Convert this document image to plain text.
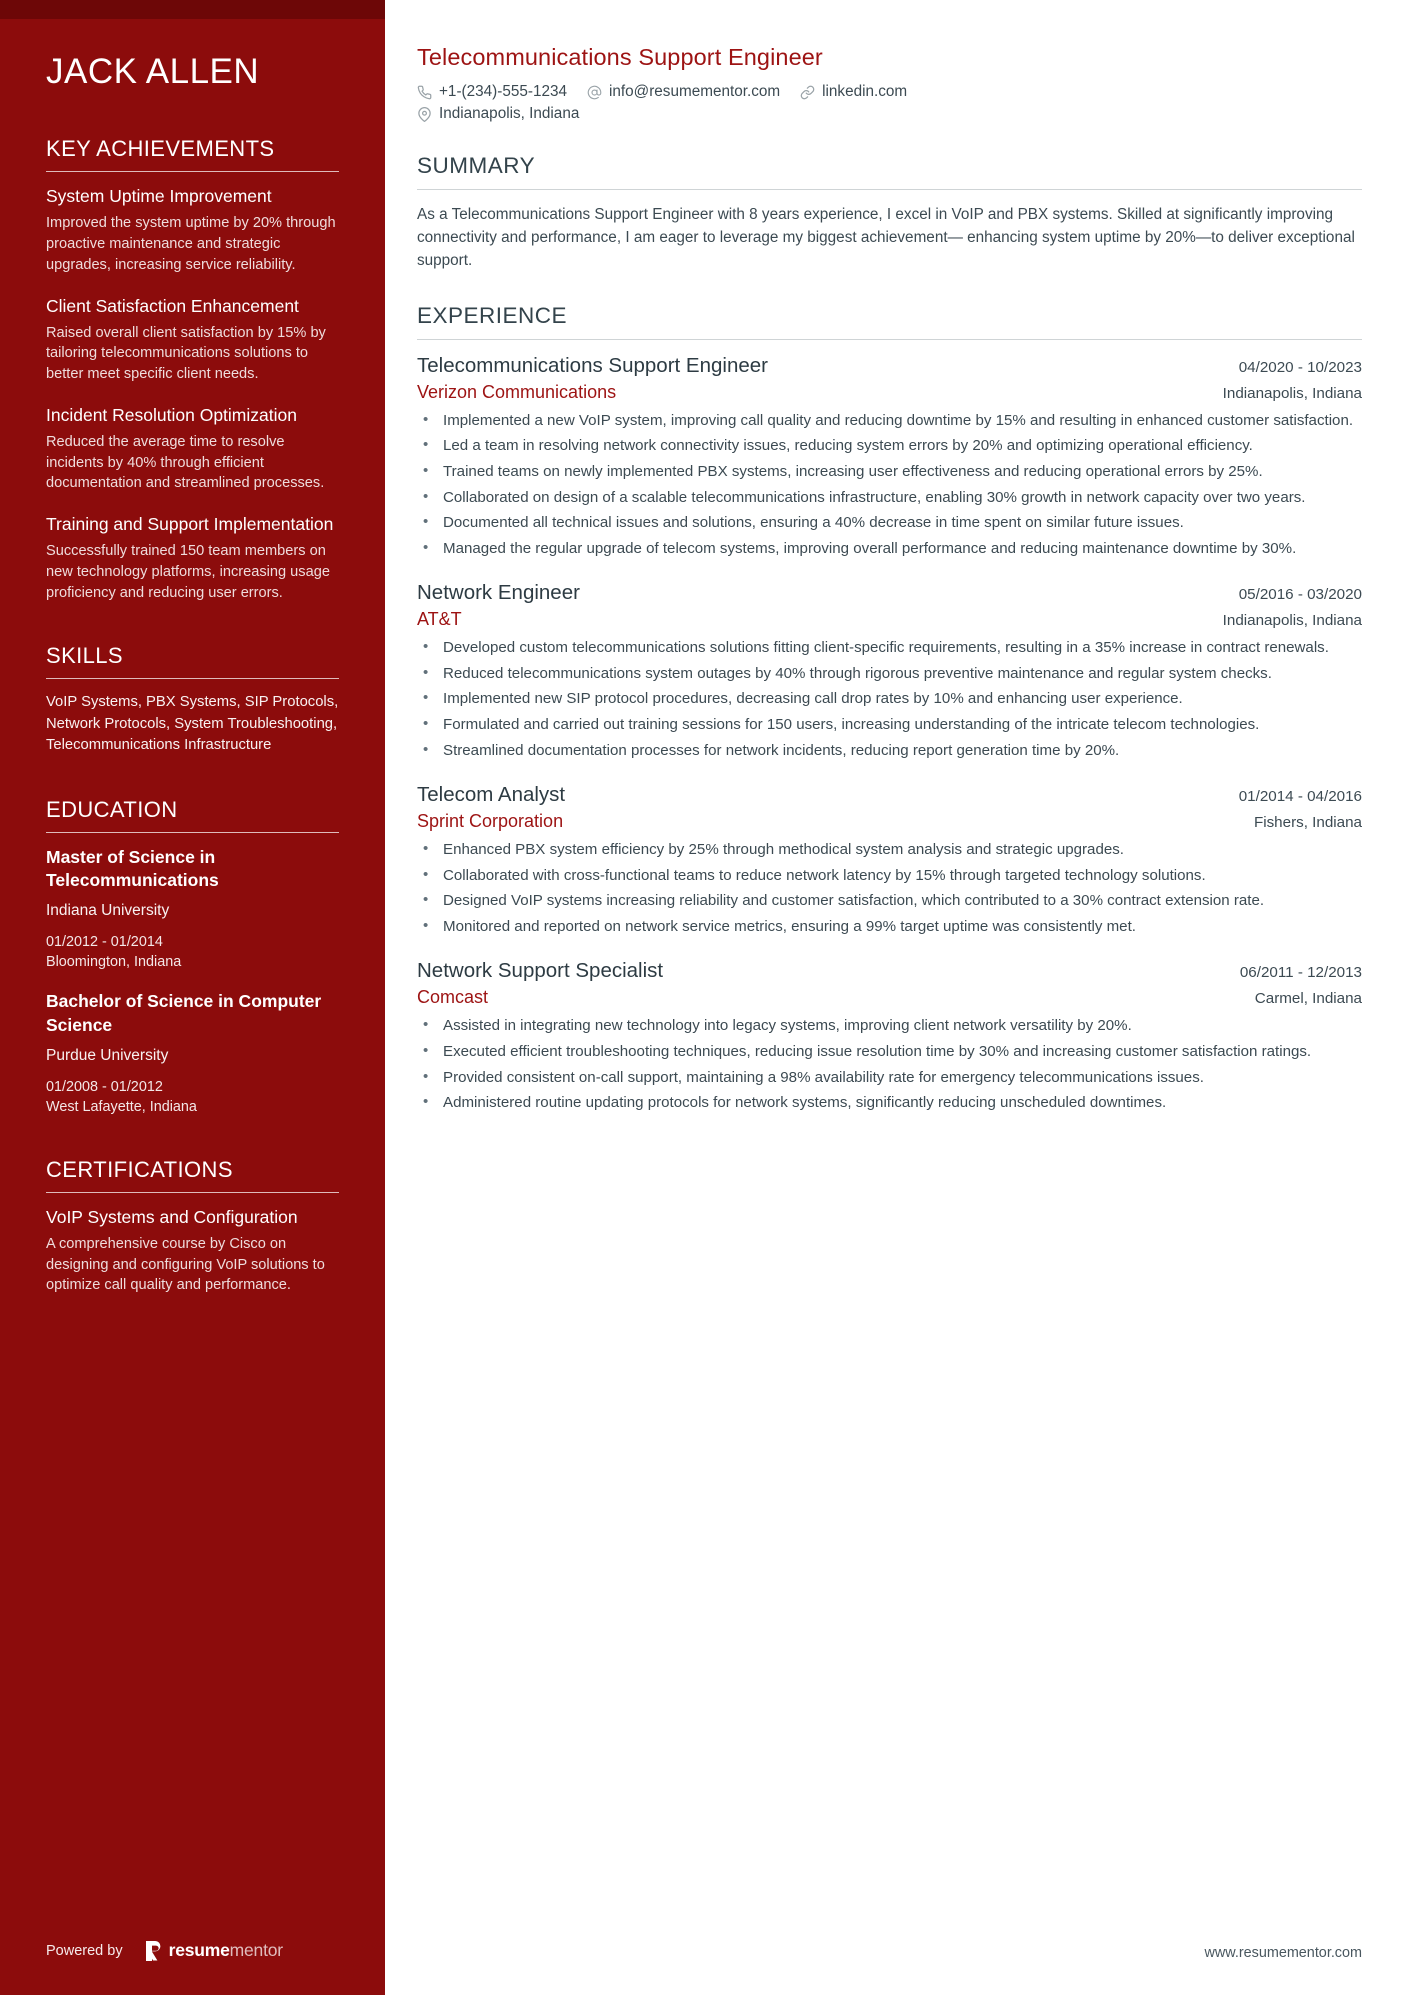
JACK ALLEN
KEY ACHIEVEMENTS
System Uptime Improvement
Improved the system uptime by 20% through proactive maintenance and strategic upgrades, increasing service reliability.
Client Satisfaction Enhancement
Raised overall client satisfaction by 15% by tailoring telecommunications solutions to better meet specific client needs.
Incident Resolution Optimization
Reduced the average time to resolve incidents by 40% through efficient documentation and streamlined processes.
Training and Support Implementation
Successfully trained 150 team members on new technology platforms, increasing usage proficiency and reducing user errors.
SKILLS
VoIP Systems, PBX Systems, SIP Protocols, Network Protocols, System Troubleshooting, Telecommunications Infrastructure
EDUCATION
Master of Science in Telecommunications
Indiana University
01/2012 - 01/2014
Bloomington, Indiana
Bachelor of Science in Computer Science
Purdue University
01/2008 - 01/2012
West Lafayette, Indiana
CERTIFICATIONS
VoIP Systems and Configuration
A comprehensive course by Cisco on designing and configuring VoIP solutions to optimize call quality and performance.
Powered by	resumementor
Telecommunications Support Engineer
+1-(234)-555-1234	info@resumementor.com	linkedin.com
Indianapolis, Indiana
SUMMARY

As a Telecommunications Support Engineer with 8 years experience, I excel in VoIP and PBX systems. Skilled at significantly improving connectivity and performance, I am eager to leverage my biggest achievement— enhancing system uptime by 20%—to deliver exceptional support.

EXPERIENCE
Telecommunications Support Engineer	04/2020 - 10/2023
Verizon Communications	Indianapolis, Indiana
• Implemented a new VoIP system, improving call quality and reducing downtime by 15% and resulting in enhanced customer satisfaction.
• Led a team in resolving network connectivity issues, reducing system errors by 20% and optimizing operational efficiency.
• Trained teams on newly implemented PBX systems, increasing user effectiveness and reducing operational errors by 25%.
• Collaborated on design of a scalable telecommunications infrastructure, enabling 30% growth in network capacity over two years.
• Documented all technical issues and solutions, ensuring a 40% decrease in time spent on similar future issues.
• Managed the regular upgrade of telecom systems, improving overall performance and reducing maintenance downtime by 30%.
Network Engineer	05/2016 - 03/2020
AT&T	Indianapolis, Indiana
• Developed custom telecommunications solutions fitting client-specific requirements, resulting in a 35% increase in contract renewals.
• Reduced telecommunications system outages by 40% through rigorous preventive maintenance and regular system checks.
• Implemented new SIP protocol procedures, decreasing call drop rates by 10% and enhancing user experience.
• Formulated and carried out training sessions for 150 users, increasing understanding of the intricate telecom technologies.
• Streamlined documentation processes for network incidents, reducing report generation time by 20%.
Telecom Analyst	01/2014 - 04/2016
Sprint Corporation	Fishers, Indiana
• Enhanced PBX system efficiency by 25% through methodical system analysis and strategic upgrades.
• Collaborated with cross-functional teams to reduce network latency by 15% through targeted technology solutions.
• Designed VoIP systems increasing reliability and customer satisfaction, which contributed to a 30% contract extension rate.
• Monitored and reported on network service metrics, ensuring a 99% target uptime was consistently met.
Network Support Specialist	06/2011 - 12/2013
Comcast	Carmel, Indiana
• Assisted in integrating new technology into legacy systems, improving client network versatility by 20%.
• Executed efficient troubleshooting techniques, reducing issue resolution time by 30% and increasing customer satisfaction ratings.
• Provided consistent on-call support, maintaining a 98% availability rate for emergency telecommunications issues.
• Administered routine updating protocols for network systems, significantly reducing unscheduled downtimes.
www.resumementor.com
